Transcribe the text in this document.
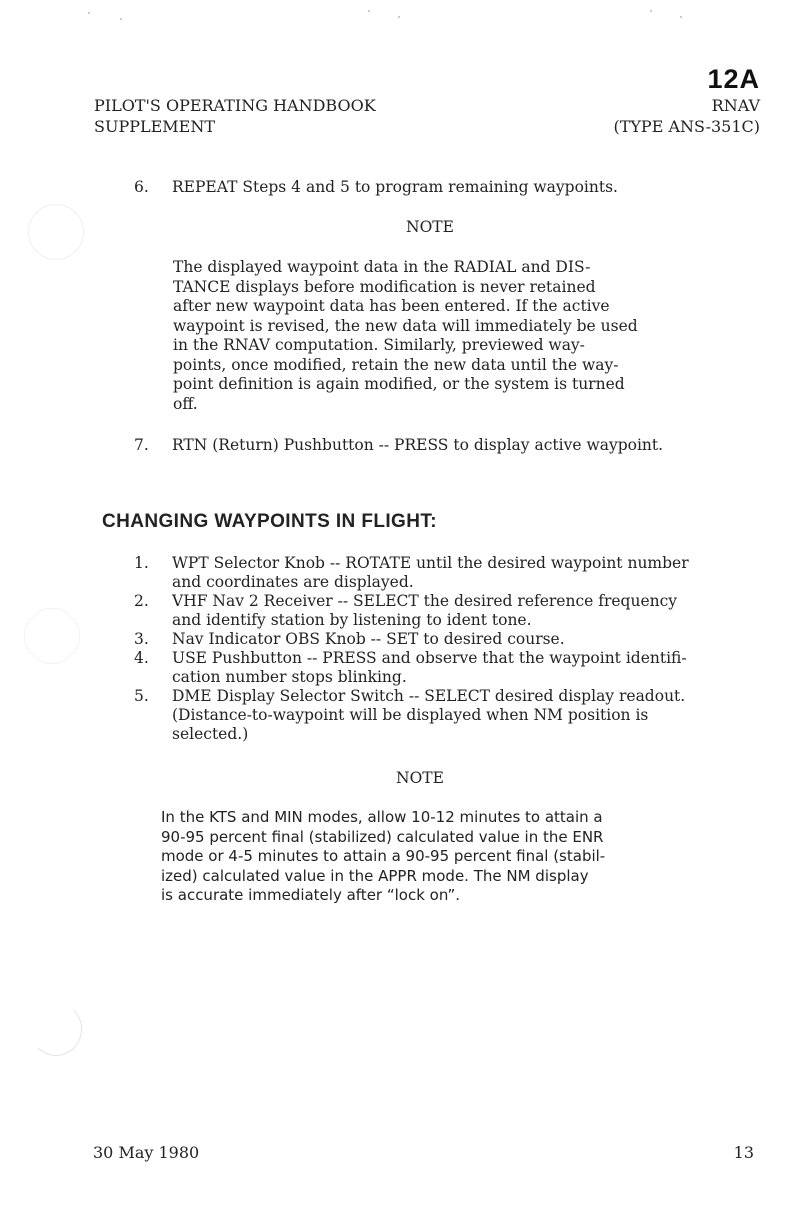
12A
PILOT'S OPERATING HANDBOOK
SUPPLEMENT
RNAV
(TYPE ANS-351C)
6.	REPEAT Steps 4 and 5 to program remaining waypoints.
NOTE
The displayed waypoint data in the RADIAL and DIS-
TANCE displays before modification is never retained
after new waypoint data has been entered. If the active
waypoint is revised, the new data will immediately be used
in the RNAV computation. Similarly, previewed way-
points, once modified, retain the new data until the way-
point definition is again modified, or the system is turned
off.
7.	RTN (Return) Pushbutton -- PRESS to display active waypoint.
CHANGING WAYPOINTS IN FLIGHT:
1.	WPT Selector Knob -- ROTATE until the desired waypoint number
and coordinates are displayed.
2.	VHF Nav 2 Receiver -- SELECT the desired reference frequency
and identify station by listening to ident tone.
3.	Nav Indicator OBS Knob -- SET to desired course.
4.	USE Pushbutton -- PRESS and observe that the waypoint identifi-
cation number stops blinking.
5.	DME Display Selector Switch -- SELECT desired display readout.
(Distance-to-waypoint will be displayed when NM position is
selected.)
NOTE
In the KTS and MIN modes, allow 10-12 minutes to attain a
90-95 percent final (stabilized) calculated value in the ENR
mode or 4-5 minutes to attain a 90-95 percent final (stabil-
ized) calculated value in the APPR mode. The NM display
is accurate immediately after “lock on”.
30 May 1980	13
